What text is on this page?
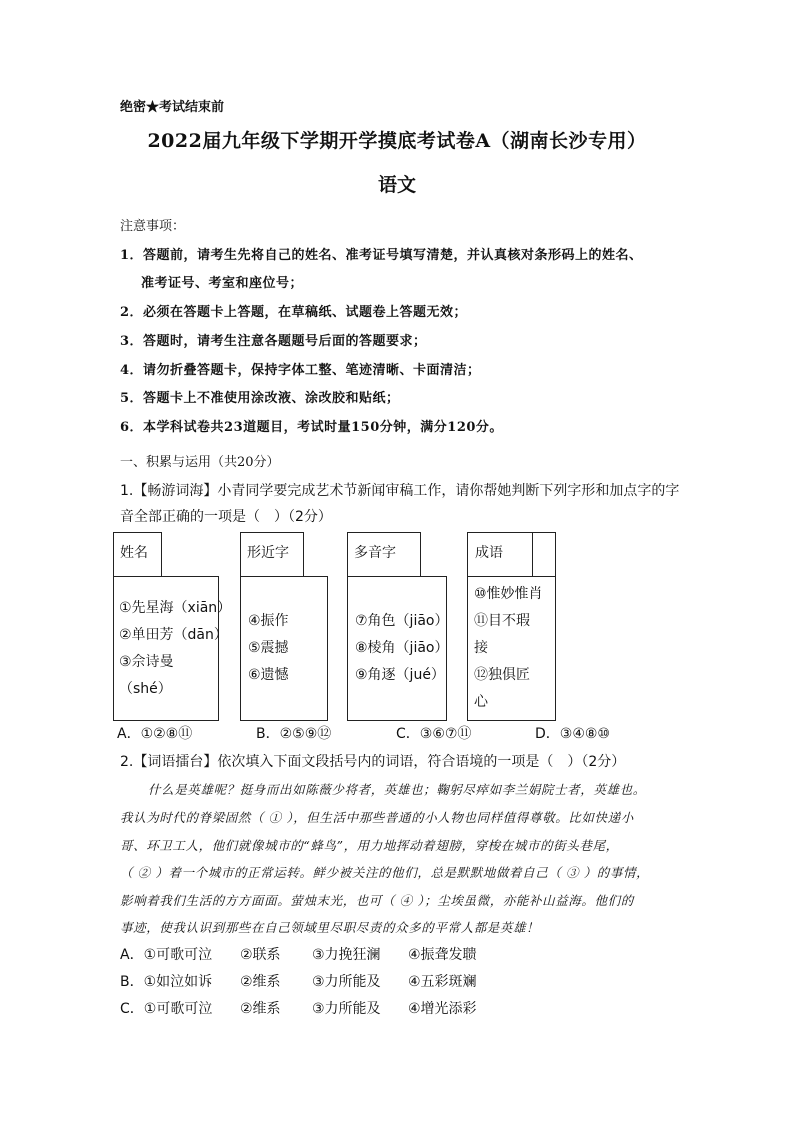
绝密★考试结束前
2022届九年级下学期开学摸底考试卷A（湖南长沙专用）
语文
注意事项：
1．答题前，请考生先将自己的姓名、准考证号填写清楚，并认真核对条形码上的姓名、
准考证号、考室和座位号；
2．必须在答题卡上答题，在草稿纸、试题卷上答题无效；
3．答题时，请考生注意各题题号后面的答题要求；
4．请勿折叠答题卡，保持字体工整、笔迹清晰、卡面清洁；
5．答题卡上不准使用涂改液、涂改胶和贴纸；
6．本学科试卷共23道题目，考试时量150分钟，满分120分。
一、积累与运用（共20分）
1.【畅游词海】小青同学要完成艺术节新闻审稿工作，请你帮她判断下列字形和加点字的字
音全部正确的一项是（　）（2分）
姓名
①先星海（xiān）
②单田芳（dān）
③佘诗曼
（shé）
形近字
④振作
⑤震撼
⑥遗憾
多音字
⑦角色（jiāo）
⑧棱角（jiāo）
⑨角逐（jué）
成语
⑩惟妙惟肖
⑪目不瑕
接
⑫独俱匠
心
A．①②⑧⑪	B．②⑤⑨⑫	C．③⑥⑦⑪	D．③④⑧⑩
2.【词语擂台】依次填入下面文段括号内的词语，符合语境的一项是（　）（2分）
什么是英雄呢？挺身而出如陈薇少将者，英雄也；鞠躬尽瘁如李兰娟院士者，英雄也。
我认为时代的脊梁固然（ ① ），但生活中那些普通的小人物也同样值得尊敬。比如快递小
哥、环卫工人，他们就像城市的“蜂鸟”，用力地挥动着翅膀，穿梭在城市的街头巷尾，
（ ② ）着一个城市的正常运转。鲜少被关注的他们，总是默默地做着自己（ ③ ）的事情，
影响着我们生活的方方面面。萤烛末光，也可（ ④ ）；尘埃虽微，亦能补山益海。他们的
事迹，使我认识到那些在自己领域里尽职尽责的众多的平常人都是英雄！
A．①可歌可泣 ②联系 ③力挽狂澜 ④振聋发聩
B．①如泣如诉 ②维系 ③力所能及 ④五彩斑斓
C．①可歌可泣 ②维系 ③力所能及 ④增光添彩
